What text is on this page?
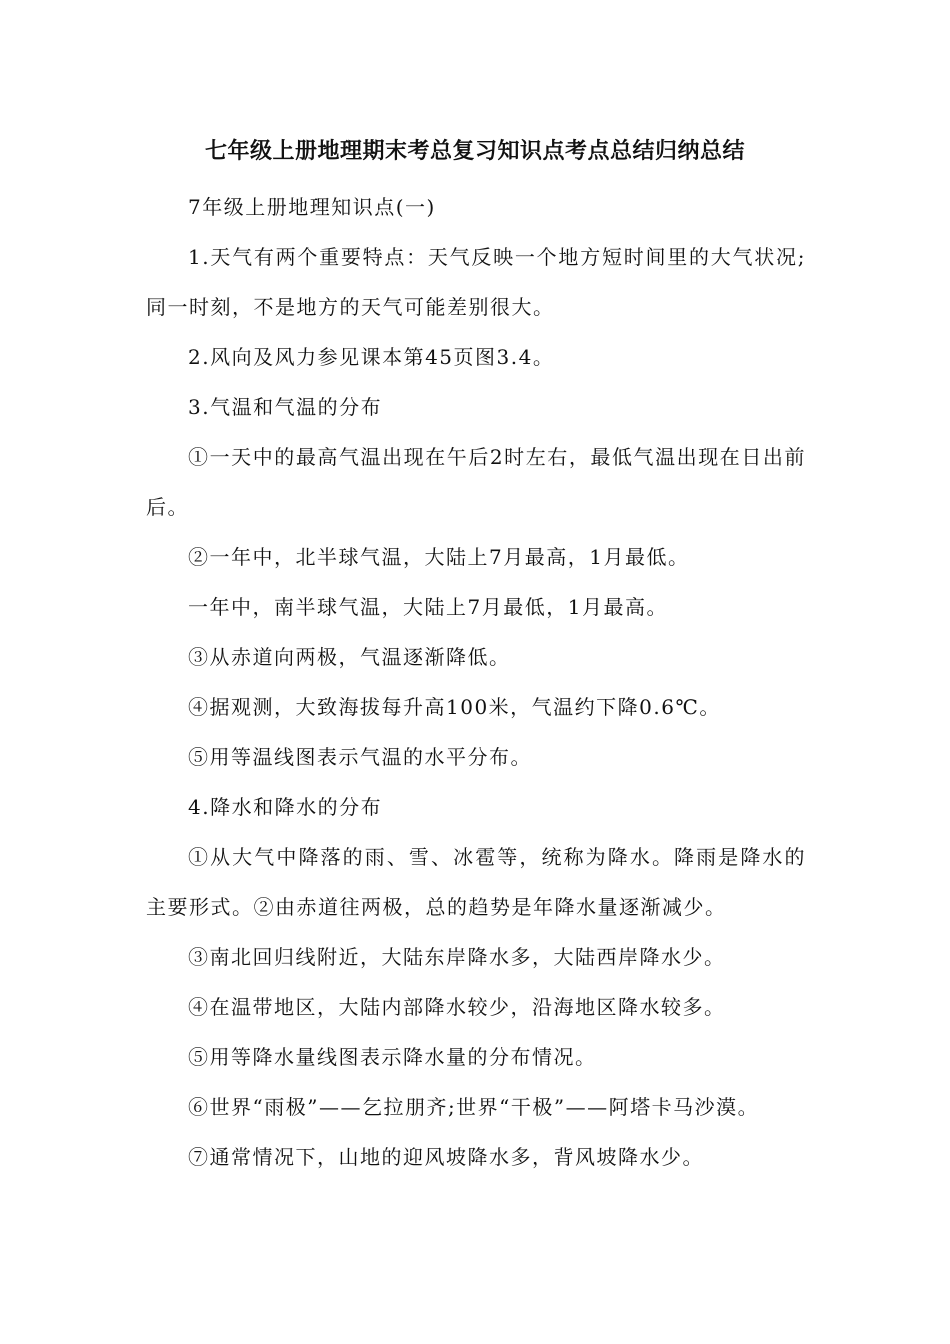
七年级上册地理期末考总复习知识点考点总结归纳总结

7年级上册地理知识点(一)

1.天气有两个重要特点：天气反映一个地方短时间里的大气状况;同一时刻，不是地方的天气可能差别很大。

2.风向及风力参见课本第45页图3.4。

3.气温和气温的分布

①一天中的最高气温出现在午后2时左右，最低气温出现在日出前后。

②一年中，北半球气温，大陆上7月最高，1月最低。

一年中，南半球气温，大陆上7月最低，1月最高。

③从赤道向两极，气温逐渐降低。

④据观测，大致海拔每升高100米，气温约下降0.6℃。

⑤用等温线图表示气温的水平分布。

4.降水和降水的分布

①从大气中降落的雨、雪、冰雹等，统称为降水。降雨是降水的主要形式。②由赤道往两极，总的趋势是年降水量逐渐减少。

③南北回归线附近，大陆东岸降水多，大陆西岸降水少。

④在温带地区，大陆内部降水较少，沿海地区降水较多。

⑤用等降水量线图表示降水量的分布情况。

⑥世界“雨极”——乞拉朋齐;世界“干极”——阿塔卡马沙漠。

⑦通常情况下，山地的迎风坡降水多，背风坡降水少。
